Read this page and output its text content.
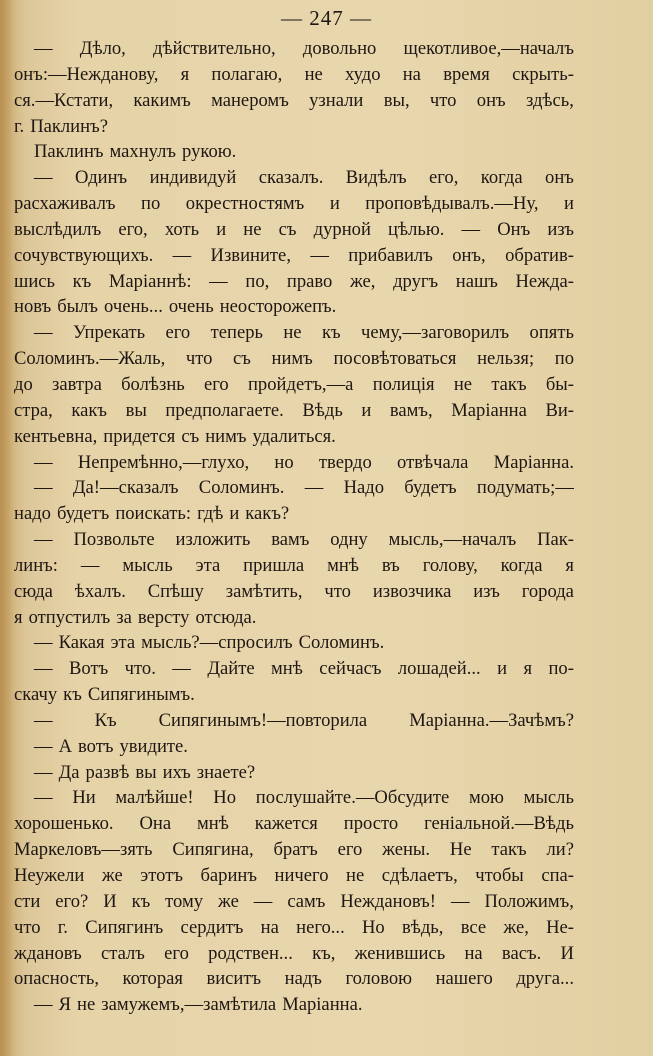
— 247 —
— Дѣло, дѣйствительно, довольно щекотливое,—началъ
онъ:—Нежданову, я полагаю, не худо на время скрыть-
ся.—Кстати, какимъ манеромъ узнали вы, что онъ здѣсь,
г. Паклинъ?
Паклинъ махнулъ рукою.
— Одинъ индивидуй сказалъ. Видѣлъ его, когда онъ
расхаживалъ по окрестностямъ и проповѣдывалъ.—Ну, и
выслѣдилъ его, хоть и не съ дурной цѣлью. — Онъ изъ
сочувствующихъ. — Извините, — прибавилъ онъ, обратив-
шись къ Маріаннѣ: — по, право же, другъ нашъ Нежда-
новъ былъ очень... очень неосторожепъ.
— Упрекать его теперь не къ чему,—заговорилъ опять
Соломинъ.—Жаль, что съ нимъ посовѣтоваться нельзя; по
до завтра болѣзнь его пройдетъ,—а полиція не такъ бы-
стра, какъ вы предполагаете. Вѣдь и вамъ, Маріанна Ви-
кентьевна, придется съ нимъ удалиться.
— Непремѣнно,—глухо, но твердо отвѣчала Маріанна.
— Да!—сказалъ Соломинъ. — Надо будетъ подумать;—
надо будетъ поискать: гдѣ и какъ?
— Позвольте изложить вамъ одну мысль,—началъ Пак-
линъ: — мысль эта пришла мнѣ въ голову, когда я
сюда ѣхалъ. Спѣшу замѣтить, что извозчика изъ города
я отпустилъ за версту отсюда.
— Какая эта мысль?—спросилъ Соломинъ.
— Вотъ что. — Дайте мнѣ сейчасъ лошадей... и я по-
скачу къ Сипягинымъ.
— Къ Сипягинымъ!—повторила Маріанна.—Зачѣмъ?
— А вотъ увидите.
— Да развѣ вы ихъ знаете?
— Ни малѣйше! Но послушайте.—Обсудите мою мысль
хорошенько. Она мнѣ кажется просто геніальной.—Вѣдь
Маркеловъ—зять Сипягина, братъ его жены. Не такъ ли?
Неужели же этотъ баринъ ничего не сдѣлаетъ, чтобы спа-
сти его? И къ тому же — самъ Неждановъ! — Положимъ,
что г. Сипягинъ сердитъ на него... Но вѣдь, все же, Не-
ждановъ сталъ его родствен... къ, женившись на васъ. И
опасность, которая виситъ надъ головою нашего друга...
— Я не замужемъ,—замѣтила Маріанна.
